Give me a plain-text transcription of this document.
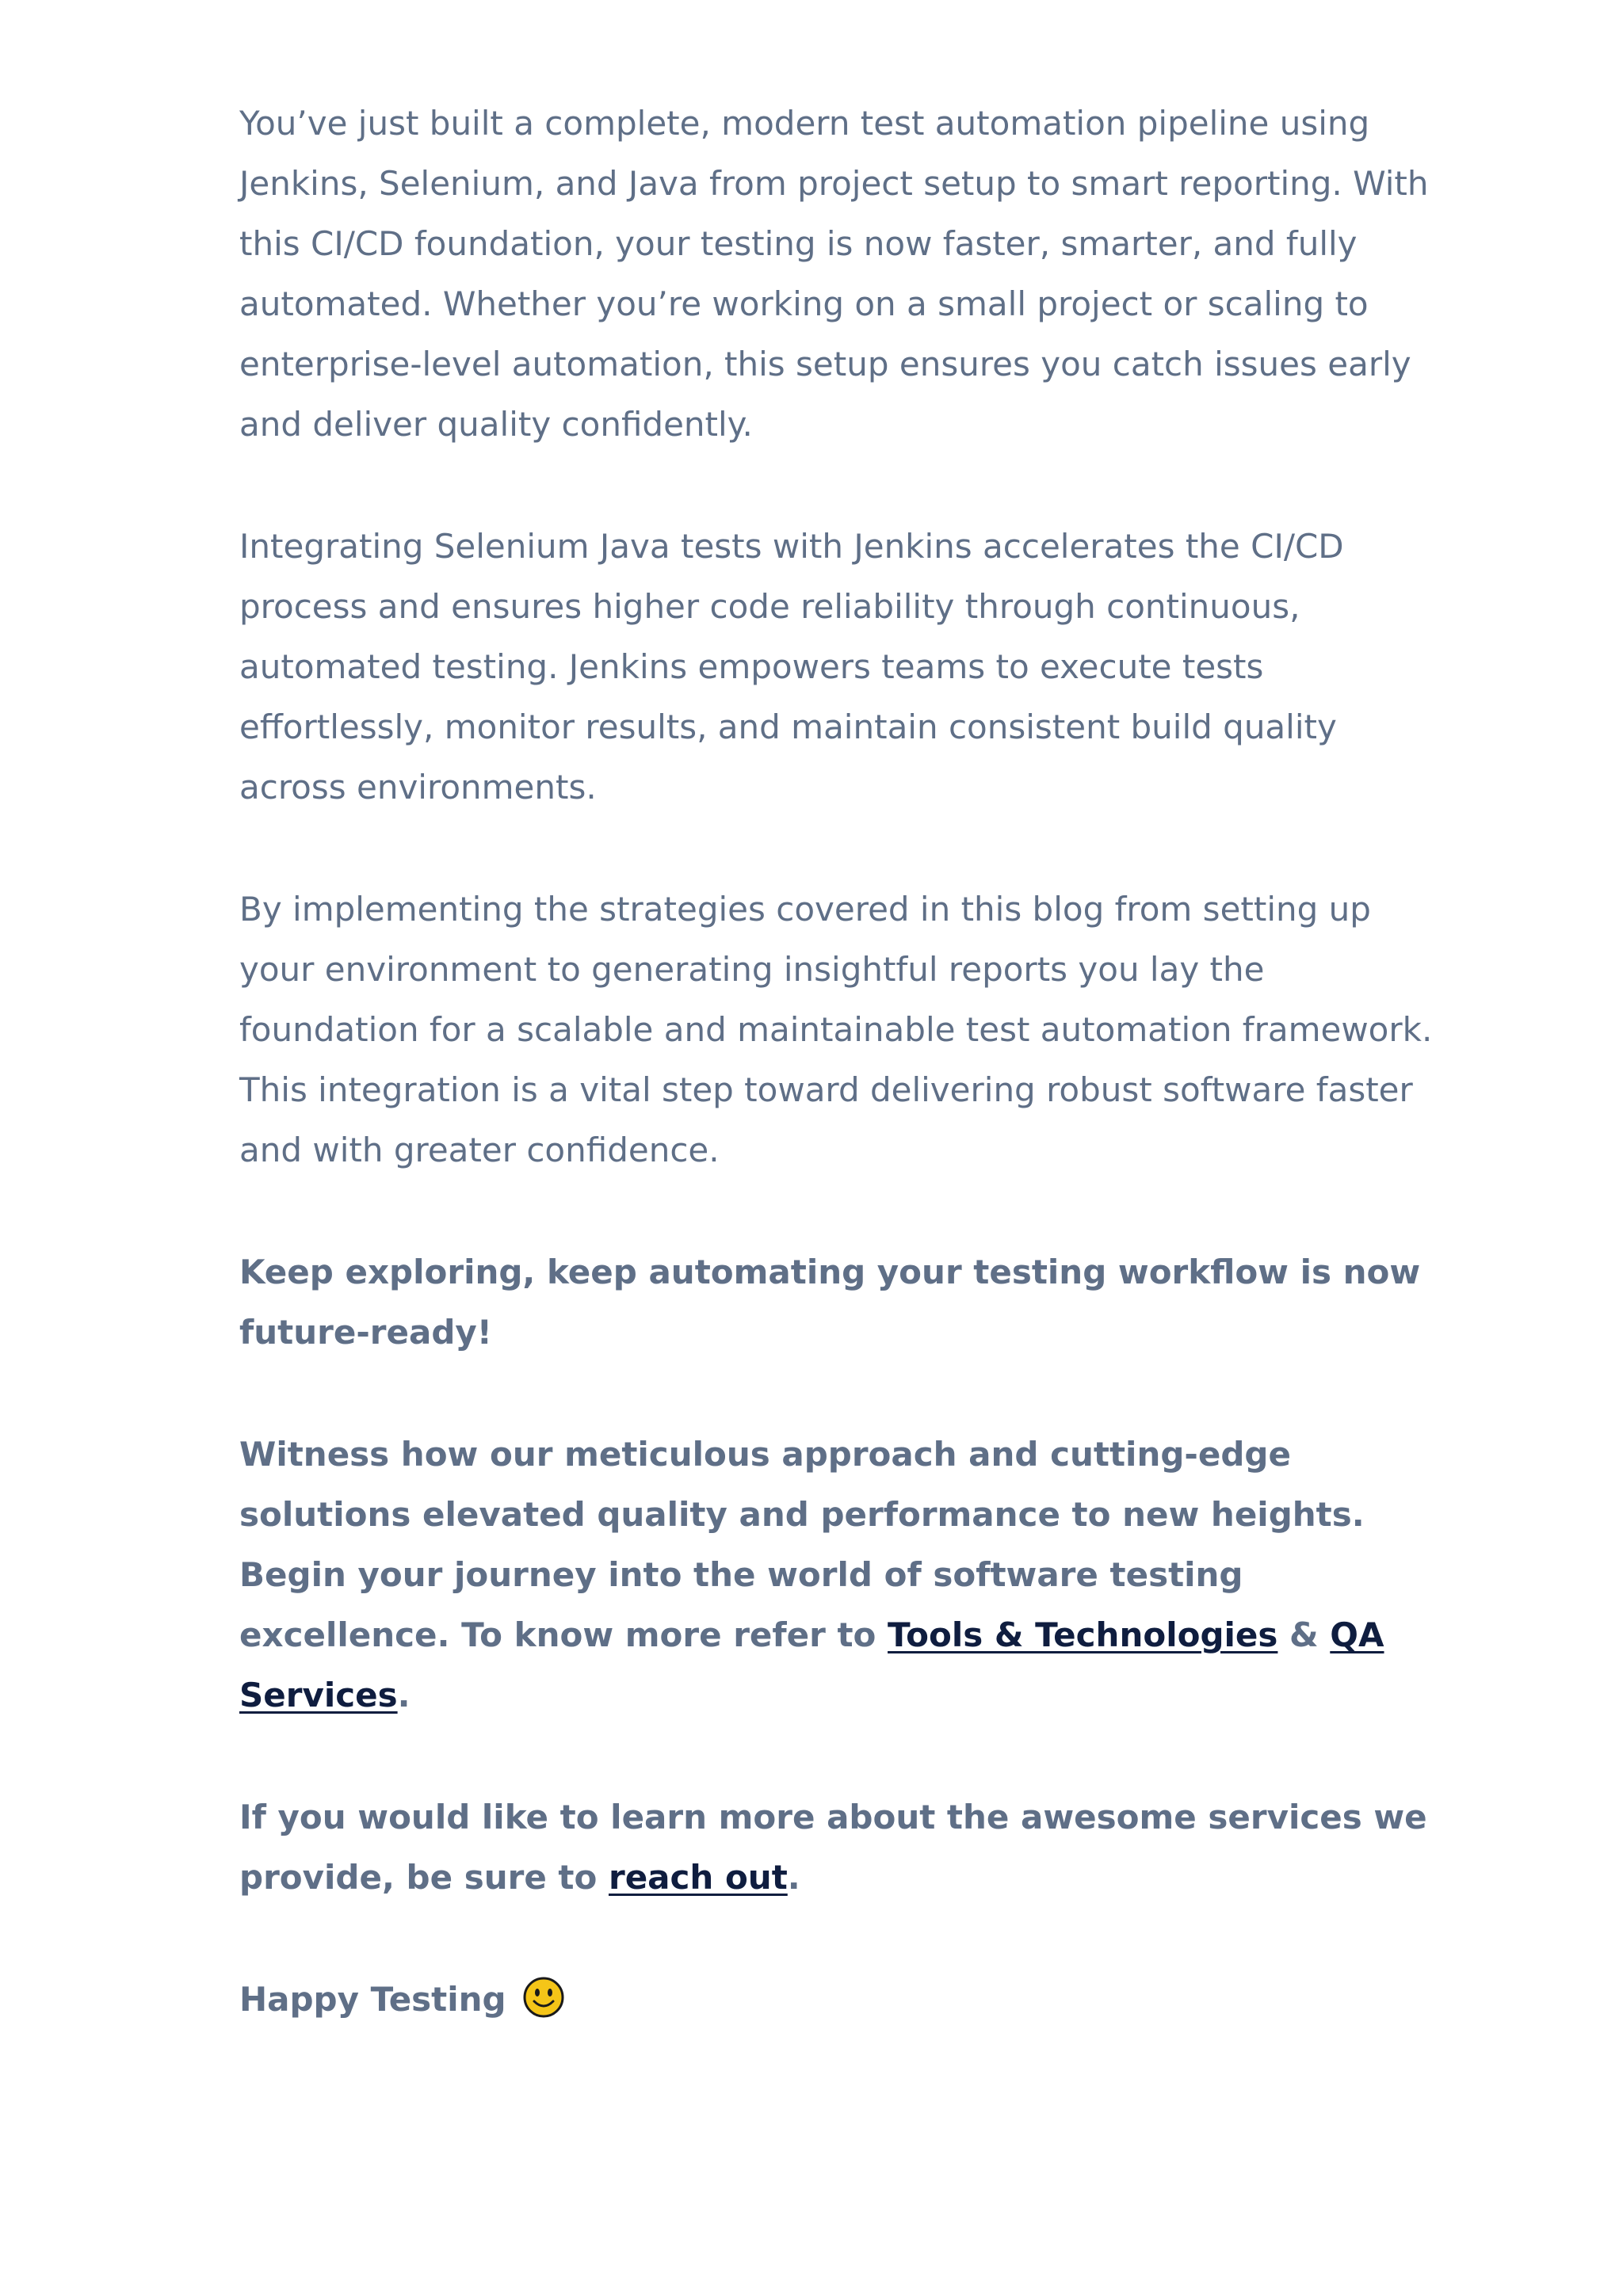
You’ve just built a complete, modern test automation pipeline using Jenkins, Selenium, and Java from project setup to smart reporting. With this CI/CD foundation, your testing is now faster, smarter, and fully automated. Whether you’re working on a small project or scaling to enterprise-level automation, this setup ensures you catch issues early and deliver quality confidently.

Integrating Selenium Java tests with Jenkins accelerates the CI/CD process and ensures higher code reliability through continuous, automated testing. Jenkins empowers teams to execute tests effortlessly, monitor results, and maintain consistent build quality across environments.

By implementing the strategies covered in this blog from setting up your environment to generating insightful reports you lay the foundation for a scalable and maintainable test automation framework. This integration is a vital step toward delivering robust software faster and with greater confidence.

Keep exploring, keep automating your testing workflow is now future-ready!

Witness how our meticulous approach and cutting-edge solutions elevated quality and performance to new heights. Begin your journey into the world of software testing excellence. To know more refer to Tools & Technologies & QA Services.

If you would like to learn more about the awesome services we provide, be sure to reach out.

Happy Testing
